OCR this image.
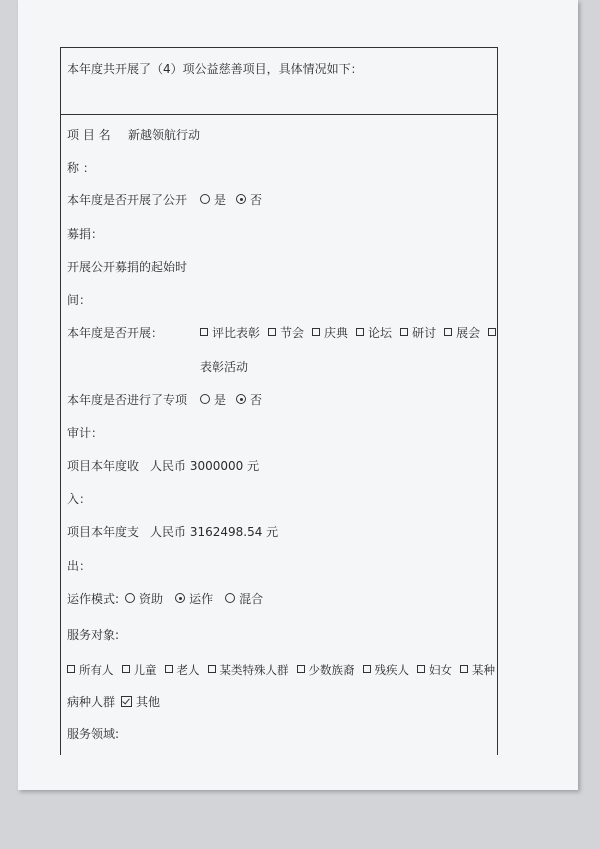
本年度共开展了（4）项公益慈善项目，具体情况如下：
项 目 名 新越领航行动
称 ：
本年度是否开展了公开	是 否
募捐：
开展公开募捐的起始时
间：
本年度是否开展：	评比表彰 节会 庆典 论坛 研讨 展会
表彰活动
本年度是否进行了专项	是 否
审计：
项目本年度收 人民币 3000000 元
入：
项目本年度支 人民币 3162498.54 元
出：
运作模式: 资助 运作 混合
服务对象:
所有人 儿童 老人 某类特殊人群 少数族裔 残疾人 妇女 某种
病种人群 其他
服务领域:
